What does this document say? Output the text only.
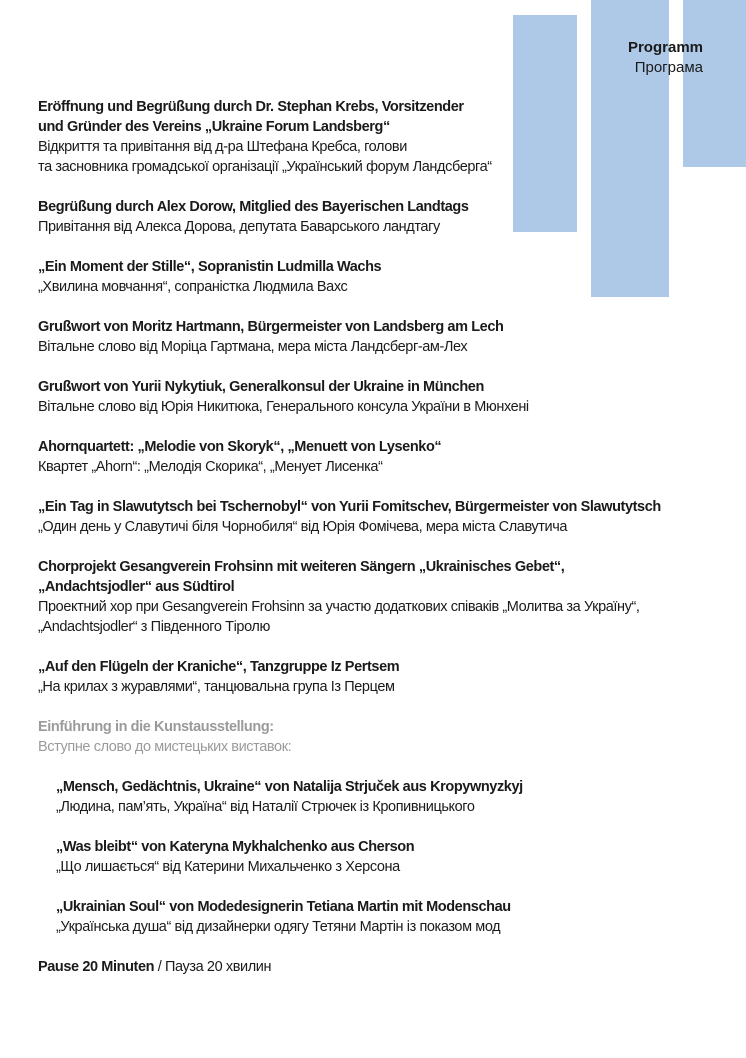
Programm
Програма
Eröffnung und Begrüßung durch Dr. Stephan Krebs, Vorsitzender
und Gründer des Vereins „Ukraine Forum Landsberg“
Відкриття та привітання від д-ра Штефана Кребса, голови
та засновника громадської організації „Український форум Ландсберга“
Begrüßung durch Alex Dorow, Mitglied des Bayerischen Landtags
Привітання від Алекса Дорова, депутата Баварського ландтагу
„Ein Moment der Stille“, Sopranistin Ludmilla Wachs
„Хвилина мовчання“, сопраністка Людмила Вахс
Grußwort von Moritz Hartmann, Bürgermeister von Landsberg am Lech
Вітальне слово від Моріца Гартмана, мера міста Ландсберг-ам-Лех
Grußwort von Yurii Nykytiuk, Generalkonsul der Ukraine in München
Вітальне слово від Юрія Никитюка, Генерального консула України в Мюнхені
Ahornquartett: „Melodie von Skoryk“, „Menuett von Lysenko“
Квартет „Ahorn“: „Мелодія Скорика“, „Менует Лисенка“
„Ein Tag in Slawutytsch bei Tschernobyl“ von Yurii Fomitschev, Bürgermeister von Slawutytsch
„Один день у Славутичі біля Чорнобиля“ від Юрія Фомічева, мера міста Славутича
Chorprojekt Gesangverein Frohsinn mit weiteren Sängern „Ukrainisches Gebet“,
„Andachtsjodler“ aus Südtirol
Проектний хор при Gesangverein Frohsinn за участю додаткових співаків „Молитва за Україну“,
„Andachtsjodler“ з Південного Тіролю
„Auf den Flügeln der Kraniche“, Tanzgruppe Iz Pertsem
„На крилах з журавлями“, танцювальна група Із Перцем
Einführung in die Kunstausstellung:
Вступне слово до мистецьких виставок:
„Mensch, Gedächtnis, Ukraine“ von Natalija Strjuček aus Kropywnyzkyj
„Людина, пам’ять, Україна“ від Наталії Стрючек із Кропивницького
„Was bleibt“ von Kateryna Mykhalchenko aus Cherson
„Що лишається“ від Катерини Михальченко з Херсона
„Ukrainian Soul“ von Modedesignerin Tetiana Martin mit Modenschau
„Українська душа“ від дизайнерки одягу Тетяни Мартін із показом мод
Pause 20 Minuten / Пауза 20 хвилин
